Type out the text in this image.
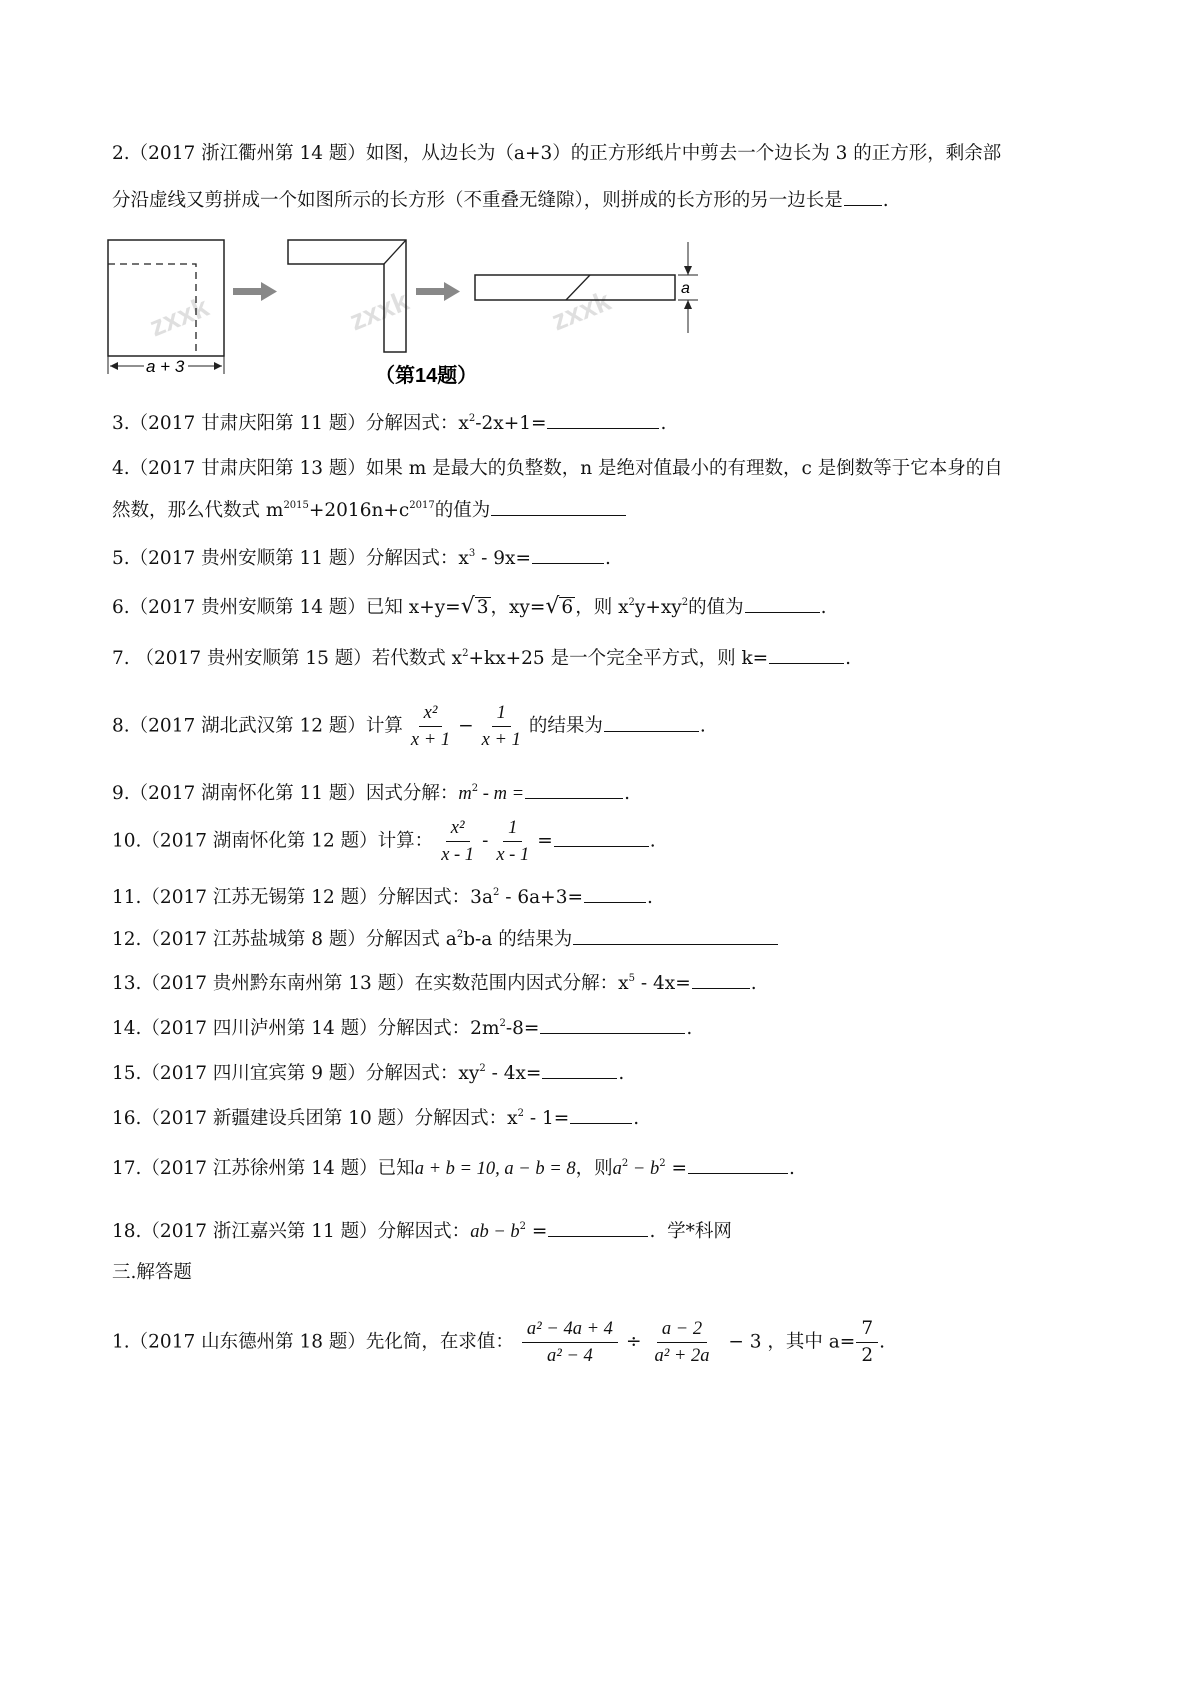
2.（2017 浙江衢州第 14 题）如图，从边长为（a+3）的正方形纸片中剪去一个边长为 3 的正方形，剩余部
分沿虚线又剪拼成一个如图所示的长方形（不重叠无缝隙），则拼成的长方形的另一边长是 .
zxxk	zxxk	zxxk
a + 3
a
（第14题）
3.（2017 甘肃庆阳第 11 题）分解因式：$x^2-2x+1=$	.
4.（2017 甘肃庆阳第 13 题）如果 m 是最大的负整数，n 是绝对值最小的有理数，c 是倒数等于它本身的自
然数，那么代数式 $m^{2015}+2016n+c^{2017}$的值为
5.（2017 贵州安顺第 11 题）分解因式：$x^3 - 9x=$	.
6.（2017 贵州安顺第 14 题）已知 x+y= √ 3 ，xy= √ 6 ，则 $x^2y+xy^2$的值为	.
7. （2017 贵州安顺第 15 题）若代数式 $x^2+kx+25$ 是一个完全平方式，则 k=	.
8.（2017 湖北武汉第 12 题）计算 $\frac{\text{x²}}{x + 1} - \frac{1}{x + 1}$ 的结果为	.
9.（2017 湖南怀化第 11 题）因式分解：$m^2$ - m =	.
10.（2017 湖南怀化第 12 题）计算： $\frac{\text{x²}}{x - 1} - \frac{1}{x - 1}$ =	.
11.（2017 江苏无锡第 12 题）分解因式：$3a^2 - 6a+3=$	.
12.（2017 江苏盐城第 8 题）分解因式 $a^2b-a$ 的结果为
13.（2017 贵州黔东南州第 13 题）在实数范围内因式分解：$x^5 - 4x=$	.
14.（2017 四川泸州第 14 题）分解因式：$2m^2-8=$	.
15.（2017 四川宜宾第 9 题）分解因式：$xy^2 - 4x=$	.
16.（2017 新疆建设兵团第 10 题）分解因式：$x^2 - 1=$	.
17.（2017 江苏徐州第 14 题）已知a + b = 10, a − b = 8，则$a^2 - b^2$ =	.
18.（2017 浙江嘉兴第 11 题）分解因式：ab − $b^2$ =	. 学*科网
三.解答题
1.（2017 山东德州第 18 题）先化简，在求值： $\frac{\text{a² − 4a + 4}}{\text{a² − 4}} \div \frac{a - 2}{\text{a² + 2a}} - 3$ ，其中 $a= \frac{7}{2}$ .
